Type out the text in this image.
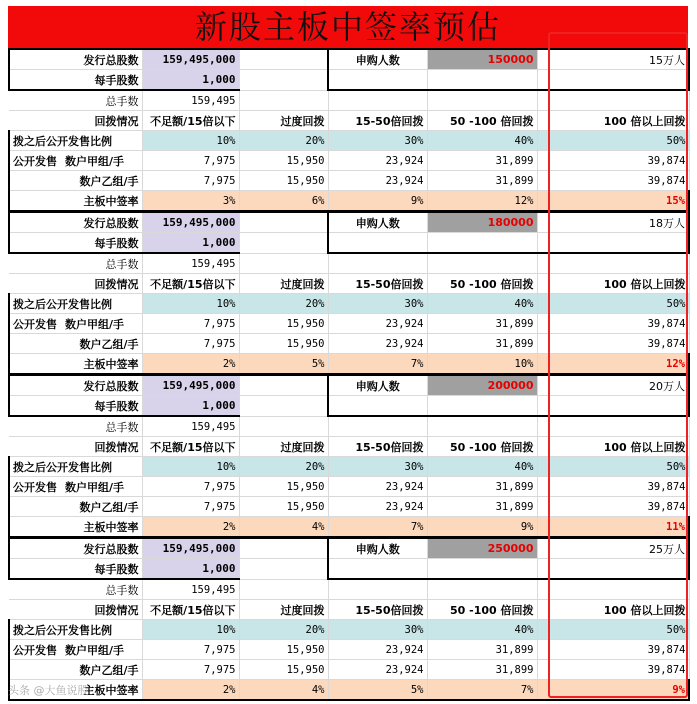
新股主板中签率预估
发行总股数	159,495,000		申购人数	150000	15万人
每手股数	1,000				
总手数	159,495				
回拨情况	不足额/15倍以下	过度回拨	15-50倍回拨	50 -100 倍回拨	100 倍以上回拨
拨之后公开发售比例	10%	20%	30%	40%	50%
公开发售 数户甲组/手	7,975	15,950	23,924	31,899	39,874
数户乙组/手	7,975	15,950	23,924	31,899	39,874
主板中签率	3%	6%	9%	12%	15%
发行总股数	159,495,000		申购人数	180000	18万人
每手股数	1,000				
总手数	159,495				
回拨情况	不足额/15倍以下	过度回拨	15-50倍回拨	50 -100 倍回拨	100 倍以上回拨
拨之后公开发售比例	10%	20%	30%	40%	50%
公开发售 数户甲组/手	7,975	15,950	23,924	31,899	39,874
数户乙组/手	7,975	15,950	23,924	31,899	39,874
主板中签率	2%	5%	7%	10%	12%
发行总股数	159,495,000		申购人数	200000	20万人
每手股数	1,000				
总手数	159,495				
回拨情况	不足额/15倍以下	过度回拨	15-50倍回拨	50 -100 倍回拨	100 倍以上回拨
拨之后公开发售比例	10%	20%	30%	40%	50%
公开发售 数户甲组/手	7,975	15,950	23,924	31,899	39,874
数户乙组/手	7,975	15,950	23,924	31,899	39,874
主板中签率	2%	4%	7%	9%	11%
发行总股数	159,495,000		申购人数	250000	25万人
每手股数	1,000				
总手数	159,495				
回拨情况	不足额/15倍以下	过度回拨	15-50倍回拨	50 -100 倍回拨	100 倍以上回拨
拨之后公开发售比例	10%	20%	30%	40%	50%
公开发售 数户甲组/手	7,975	15,950	23,924	31,899	39,874
数户乙组/手	7,975	15,950	23,924	31,899	39,874
主板中签率	2%	4%	5%	7%	9%
头条 @大鱼说股
